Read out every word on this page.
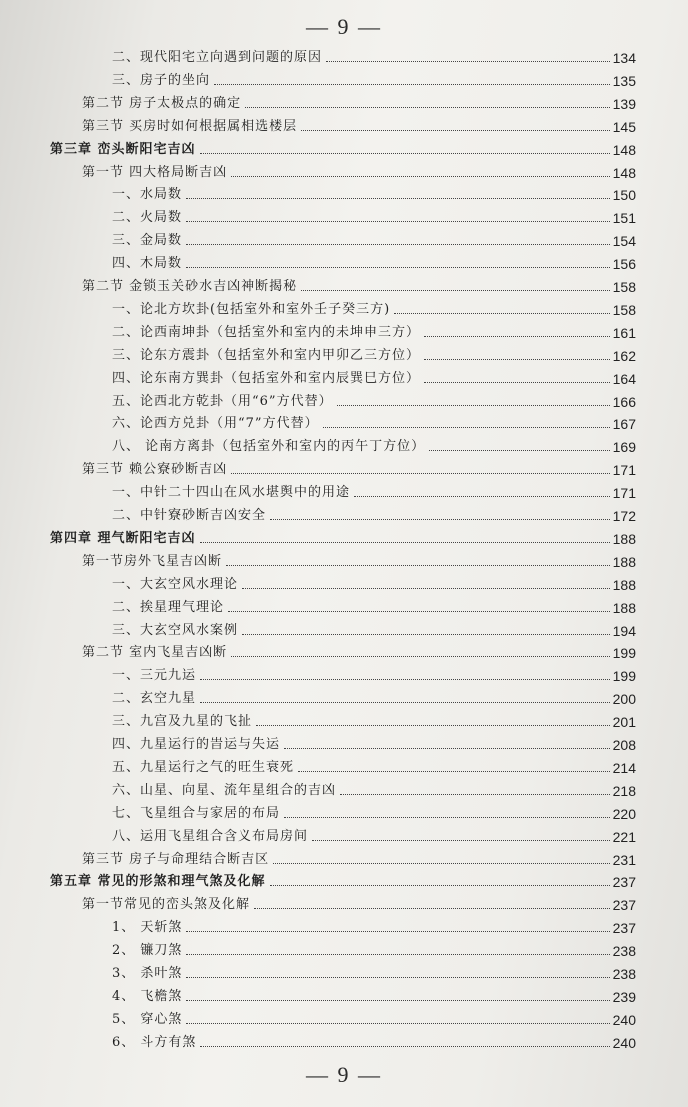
— 9 —
二、现代阳宅立向遇到问题的原因	134
三、房子的坐向	135
第二节 房子太极点的确定	139
第三节 买房时如何根据属相选楼层	145
第三章 峦头断阳宅吉凶	148
第一节 四大格局断吉凶	148
一、水局数	150
二、火局数	151
三、金局数	154
四、木局数	156
第二节 金锁玉关砂水吉凶神断揭秘	158
一、论北方坎卦(包括室外和室外壬子癸三方)	158
二、论西南坤卦（包括室外和室内的未坤申三方）	161
三、论东方震卦（包括室外和室内甲卯乙三方位）	162
四、论东南方巽卦（包括室外和室内辰巽巳方位）	164
五、论西北方乾卦（用“6”方代替）	166
六、论西方兑卦（用“7”方代替）	167
八、 论南方离卦（包括室外和室内的丙午丁方位）	169
第三节 赖公寮砂断吉凶	171
一、中针二十四山在风水堪舆中的用途	171
二、中针寮砂断吉凶安全	172
第四章 理气断阳宅吉凶	188
第一节房外飞星吉凶断	188
一、大玄空风水理论	188
二、挨星理气理论	188
三、大玄空风水案例	194
第二节 室内飞星吉凶断	199
一、三元九运	199
二、玄空九星	200
三、九宫及九星的飞扯	201
四、九星运行的旹运与失运	208
五、九星运行之气的旺生衰死	214
六、山星、向星、流年星组合的吉凶	218
七、飞星组合与家居的布局	220
八、运用飞星组合含义布局房间	221
第三节 房子与命理结合断吉区	231
第五章 常见的形煞和理气煞及化解	237
第一节常见的峦头煞及化解	237
1、 天斩煞	237
2、 镰刀煞	238
3、 杀叶煞	238
4、 飞檐煞	239
5、 穿心煞	240
6、 斗方有煞	240
— 9 —
